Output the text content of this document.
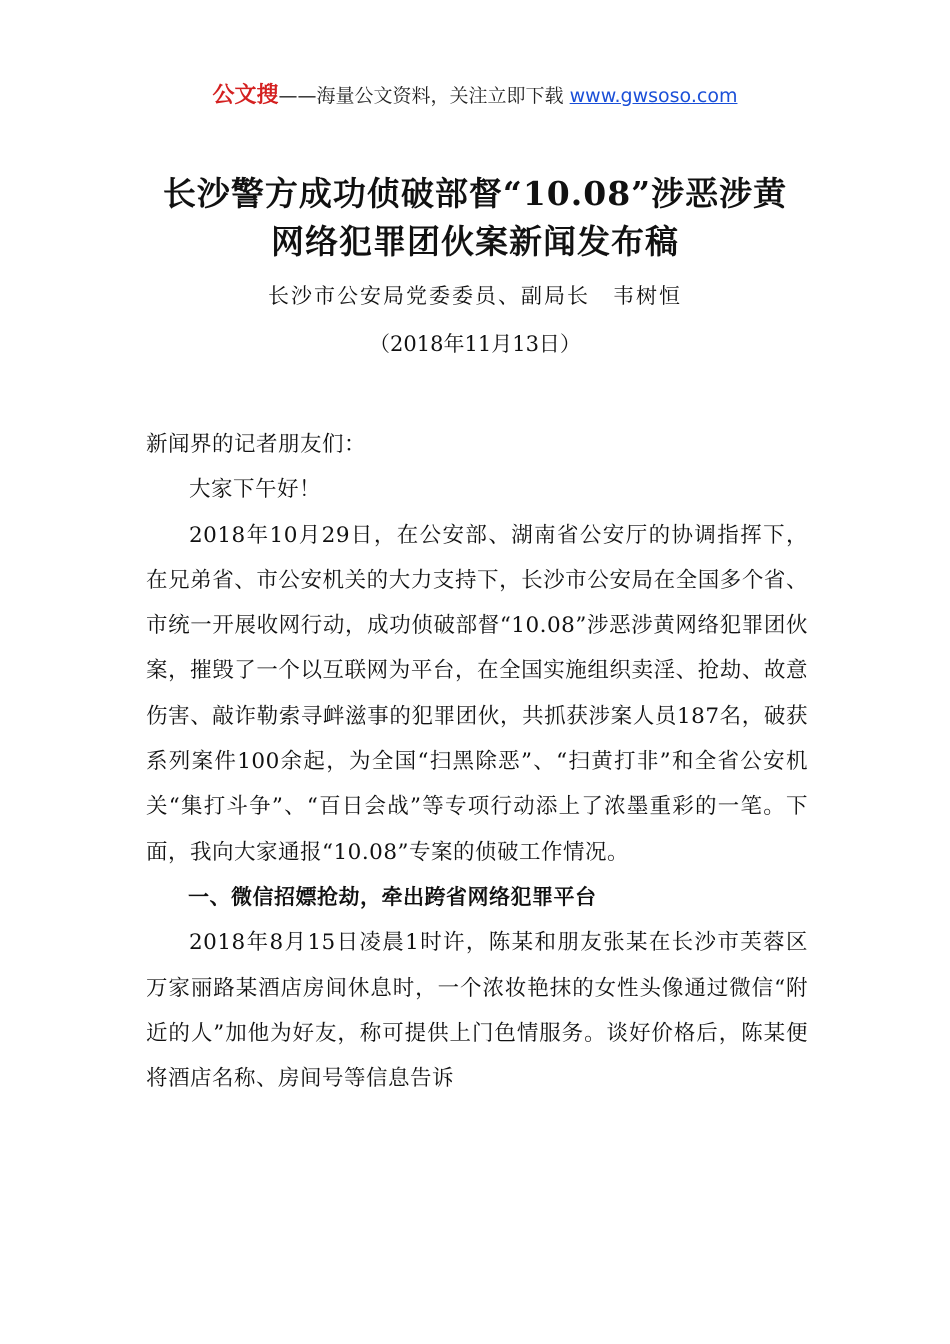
公文搜——海量公文资料，关注立即下载 www.gwsoso.com
长沙警方成功侦破部督“10.08”涉恶涉黄
网络犯罪团伙案新闻发布稿
长沙市公安局党委委员、副局长　韦树恒
（2018年11月13日）

新闻界的记者朋友们：

大家下午好！

2018年10月29日，在公安部、湖南省公安厅的协调指挥下，在兄弟省、市公安机关的大力支持下，长沙市公安局在全国多个省、市统一开展收网行动，成功侦破部督“10.08”涉恶涉黄网络犯罪团伙案，摧毁了一个以互联网为平台，在全国实施组织卖淫、抢劫、故意伤害、敲诈勒索寻衅滋事的犯罪团伙，共抓获涉案人员187名，破获系列案件100余起，为全国“扫黑除恶”、“扫黄打非”和全省公安机关“集打斗争”、“百日会战”等专项行动添上了浓墨重彩的一笔。下面，我向大家通报“10.08”专案的侦破工作情况。

一、微信招嫖抢劫，牵出跨省网络犯罪平台

2018年8月15日凌晨1时许，陈某和朋友张某在长沙市芙蓉区万家丽路某酒店房间休息时，一个浓妆艳抹的女性头像通过微信“附近的人”加他为好友，称可提供上门色情服务。谈好价格后，陈某便将酒店名称、房间号等信息告诉
